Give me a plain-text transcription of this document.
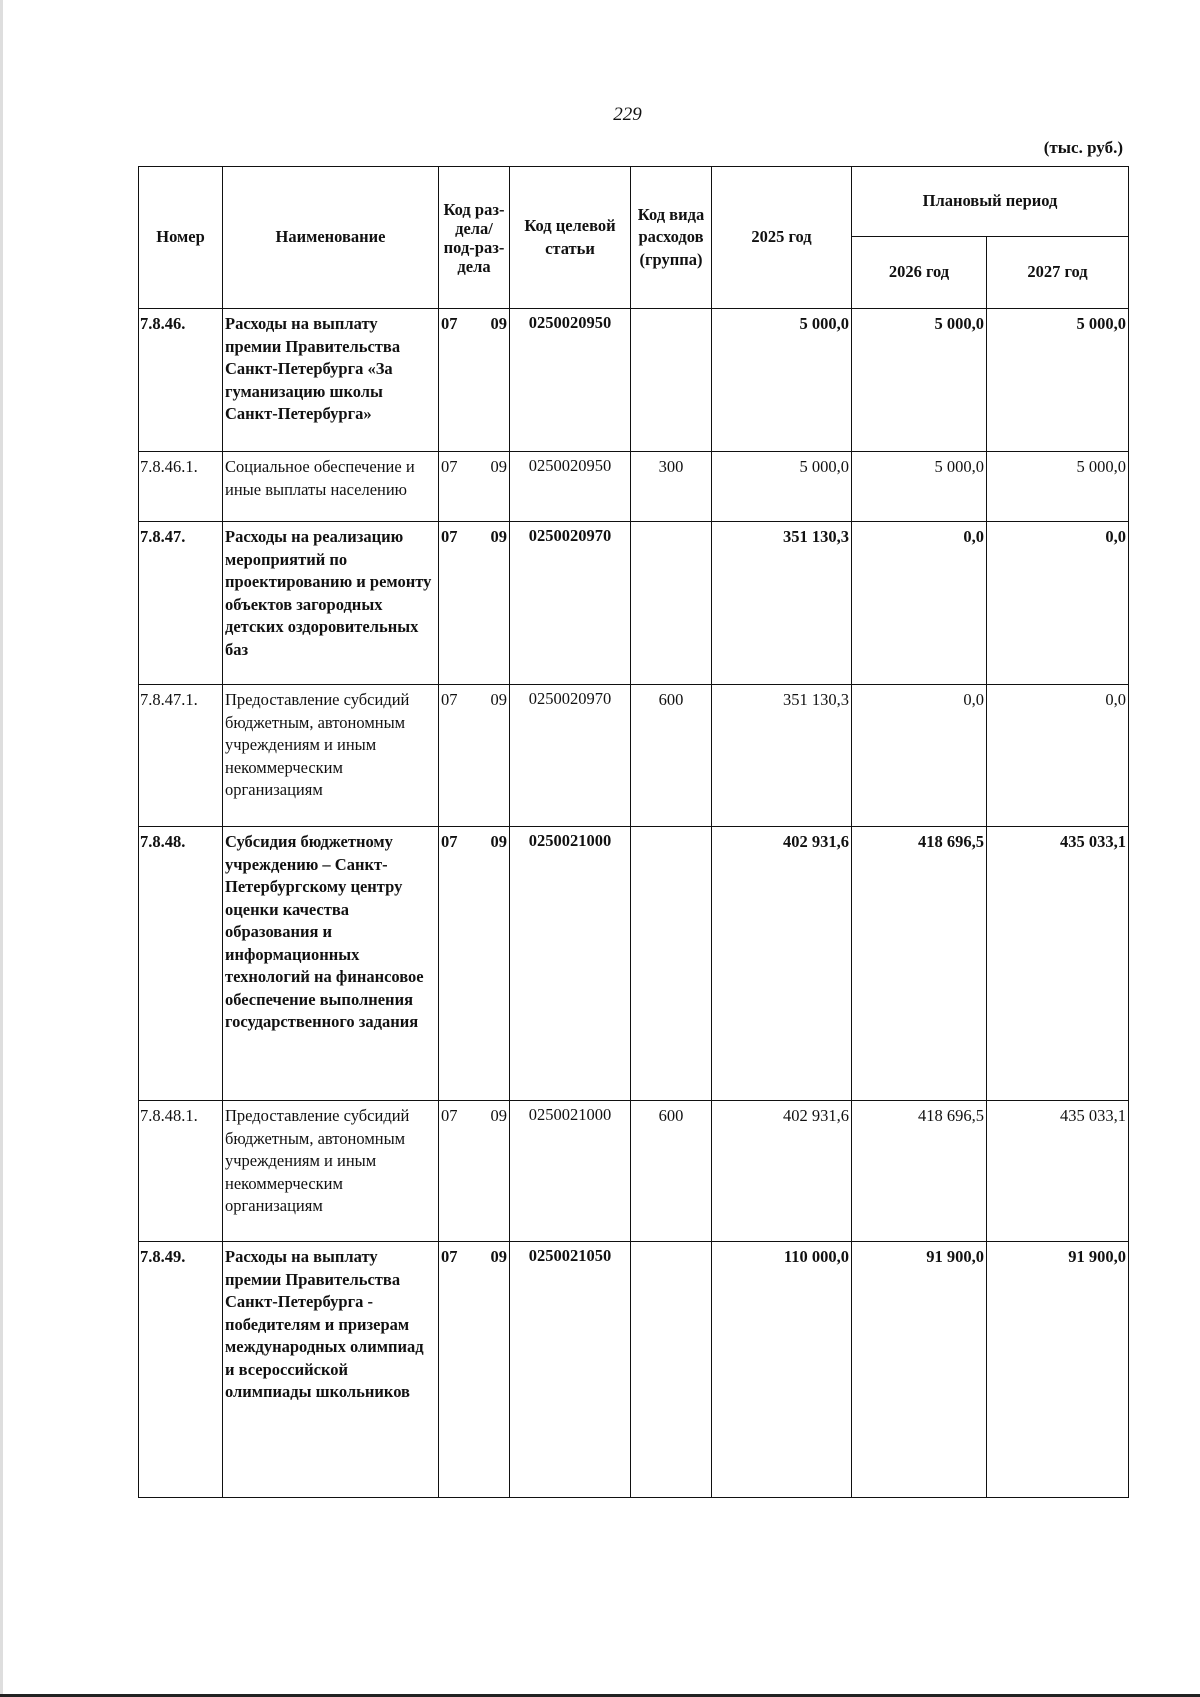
229
(тыс. руб.)
Номер	Наименование	Код раз-дела/ под-раз-дела	Код целевой статьи	Код вида расходов (группа)	2025 год	Плановый период	
						2026 год	2027 год
7.8.46.	Расходы на выплату премии Правительства Санкт-Петербурга «За гуманизацию школы Санкт-Петербурга»	07 09	0250020950		5 000,0	5 000,0	5 000,0
7.8.46.1.	Социальное обеспечение и иные выплаты населению	07 09	0250020950	300	5 000,0	5 000,0	5 000,0
7.8.47.	Расходы на реализацию мероприятий по проектированию и ремонту объектов загородных детских оздоровительных баз	07 09	0250020970		351 130,3	0,0	0,0
7.8.47.1.	Предоставление субсидий бюджетным, автономным учреждениям и иным некоммерческим организациям	07 09	0250020970	600	351 130,3	0,0	0,0
7.8.48.	Субсидия бюджетному учреждению – Санкт-Петербургскому центру оценки качества образования и информационных технологий на финансовое обеспечение выполнения государственного задания	07 09	0250021000		402 931,6	418 696,5	435 033,1
7.8.48.1.	Предоставление субсидий бюджетным, автономным учреждениям и иным некоммерческим организациям	07 09	0250021000	600	402 931,6	418 696,5	435 033,1
7.8.49.	Расходы на выплату премии Правительства Санкт-Петербурга - победителям и призерам международных олимпиад и всероссийской олимпиады школьников	07 09	0250021050		110 000,0	91 900,0	91 900,0
